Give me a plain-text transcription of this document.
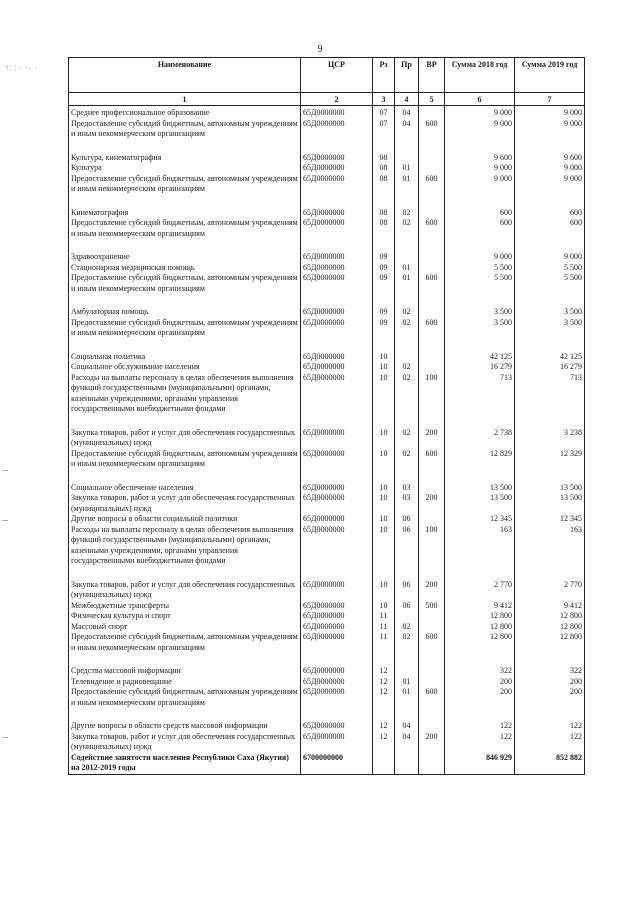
9
!¦ ¦ · ·- ·	Наименование	ЦСР	Рз	Пр	ВР	Сумма 2018 год	Сумма 2019 год
1	2	3	4	5	6	7
Среднее профессиональное образование	65Д0000000	07	04		9 000	9 000
Предоставление субсидий бюджетным, автономным учреждениям и иным некоммерческим организациям	65Д0000000	07	04	600	9 000	9 000

Культура, кинематография	65Д0000000	08			9 600	9 600
Культура	65Д0000000	08	01		9 000	9 000
Предоставление субсидий бюджетным, автономным учреждениям и иным некоммерческим организациям	65Д0000000	08	01	600	9 000	9 000

Кинематография	65Д0000000	08	02		600	600
Предоставление субсидий бюджетным, автономным учреждениям и иным некоммерческим организациям	65Д0000000	08	02	600	600	600

Здравоохранение	65Д0000000	09			9 000	9 000
Стационарная медицинская помощь	65Д0000000	09	01		5 500	5 500
Предоставление субсидий бюджетным, автономным учреждениям и иным некоммерческим организациям	65Д0000000	09	01	600	5 500	5 500

Амбулаторная помощь	65Д0000000	09	02		3 500	3 500
Предоставление субсидий бюджетным, автономным учреждениям и иным некоммерческим организациям	65Д0000000	09	02	600	3 500	3 500

Социальная политика	65Д0000000	10			42 125	42 125
Социальное обслуживание населения	65Д0000000	10	02		16 279	16 279
Расходы на выплаты персоналу в целях обеспечения выполнения функций государственными (муниципальными) органами, казенными учреждениями, органами управления государственными внебюджетными фондами	65Д0000000	10	02	100	713	713

Закупка товаров, работ и услуг для обеспечения государственных (муниципальных) нужд	65Д0000000	10	02	200	2 738	3 238
Предоставление субсидий бюджетным, автономным учреждениям и иным некоммерческим организациям	65Д0000000	10	02	600	12 829	12 329

Социальное обеспечение населения	65Д0000000	10	03		13 500	13 500
Закупка товаров, работ и услуг для обеспечения государственных (муниципальных) нужд	65Д0000000	10	03	200	13 500	13 500
Другие вопросы в области социальной политики	65Д0000000	10	06		12 345	12 345
Расходы на выплаты персоналу в целях обеспечения выполнения функций государственными (муниципальными) органами, казенными учреждениями, органами управления государственными внебюджетными фондами	65Д0000000	10	06	100	163	163

Закупка товаров, работ и услуг для обеспечения государственных (муниципальных) нужд	65Д0000000	10	06	200	2 770	2 770
Межбюджетные трансферты	65Д0000000	10	06	500	9 412	9 412
Физическая культура и спорт	65Д0000000	11			12 800	12 800
Массовый спорт	65Д0000000	11	02		12 800	12 800
Предоставление субсидий бюджетным, автономным учреждениям и иным некоммерческим организациям	65Д0000000	11	02	600	12 800	12 800

Средства массовой информации	65Д0000000	12			322	322
Телевидение и радиовещание	65Д0000000	12	01		200	200
Предоставление субсидий бюджетным, автономным учреждениям и иным некоммерческим организациям	65Д0000000	12	01	600	200	200

Другие вопросы в области средств массовой информации	65Д0000000	12	04		122	122
Закупка товаров, работ и услуг для обеспечения государственных (муниципальных) нужд	65Д0000000	12	04	200	122	122
Содействие занятости населения Республики Саха (Якутия) на 2012-2019 годы	6700000000				846 929	852 882
